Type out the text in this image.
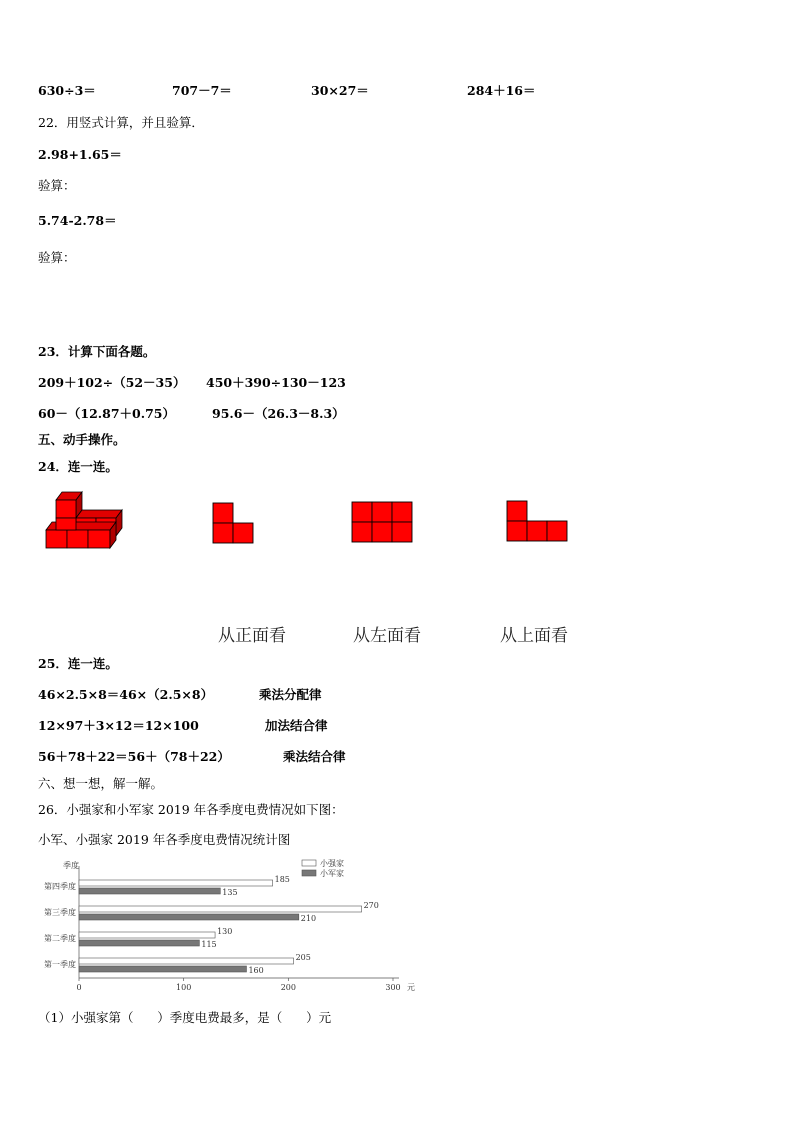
630÷3＝	707－7＝	30×27＝	284＋16＝
22．用竖式计算，并且验算．
2.98+1.65＝
验算：
5.74-2.78＝
验算：
23．计算下面各题。
209＋102÷（52－35） 450＋390÷130－123
60－（12.87＋0.75）	95.6－（26.3－8.3）
五、动手操作。
24．连一连。
从正面看	从左面看	从上面看
25．连一连。
46×2.5×8＝46×（2.5×8）	乘法分配律
12×97＋3×12＝12×100	加法结合律
56＋78＋22＝56＋（78＋22）	乘法结合律
六、想一想，解一解。
26．小强家和小军家 2019 年各季度电费情况如下图：
小军、小强家 2019 年各季度电费情况统计图
季度
元
0	100	200	300
205
160
第一季度
130
115
第二季度
270
210
第三季度
185
135
第四季度
小强家
小军家
（1）小强家第（      ）季度电费最多，是（      ）元
